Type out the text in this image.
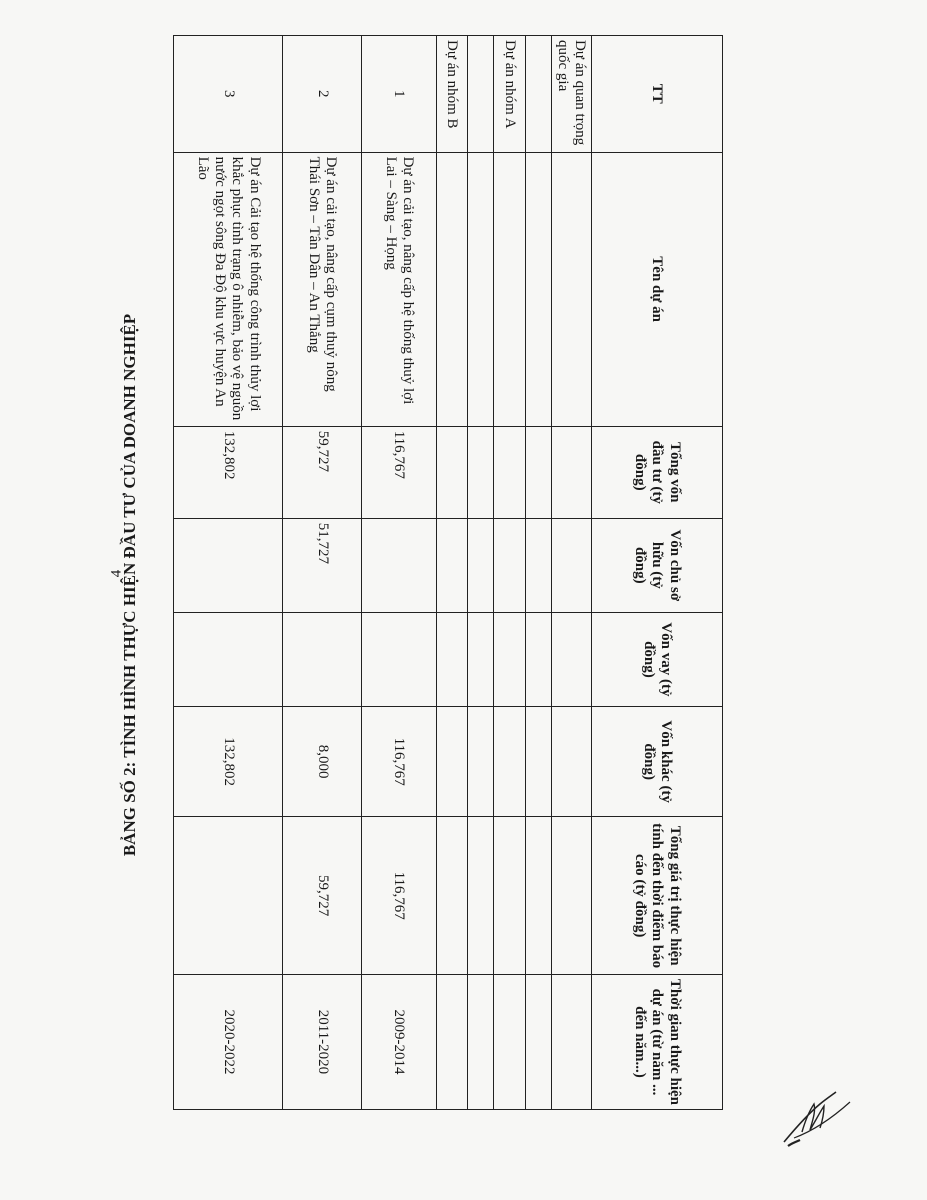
4
BẢNG SỐ 2: TÌNH HÌNH THỰC HIỆN ĐẦU TƯ CỦA DOANH NGHIỆP
TT	Tên dự án	Tổng vốn đầu tư (tỷ đồng)	Vốn chủ sở hữu (tỷ đồng)	Vốn vay (tỷ đồng)	Vốn khác (tỷ đồng)	Tổng giá trị thực hiện tính đến thời điểm báo cáo (tỷ đồng)	Thời gian thực hiện dự án (từ năm ... đến năm...)
Dự án quan trọng quốc gia							

Dự án nhóm A							

Dự án nhóm B							
1	Dự án cải tạo, nâng cấp hệ thống thuỷ lợi Lai – Sàng – Họng	116,767			116,767	116,767	2009-2014
2	Dự án cải tạo, nâng cấp cụm thuỷ nông Thái Sơn – Tân Dân – An Thắng	59,727	51,727		8,000	59,727	2011-2020
3	Dự án Cải tạo hệ thống công trình thủy lợi khắc phục tình trạng ô nhiễm, bảo vệ nguồn nước ngọt sông Đa Độ khu vực huyện An Lão	132,802			132,802		2020-2022
